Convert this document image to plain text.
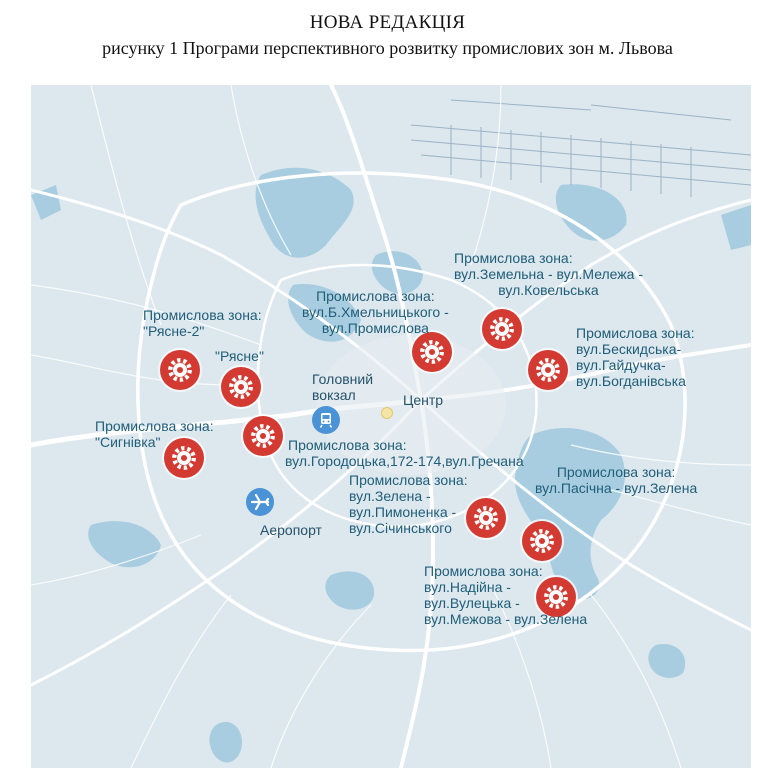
НОВА РЕДАКЦІЯ
рисунку 1 Програми перспективного розвитку промислових зон м. Львова
Промислова зона:
"Рясне-2"
"Рясне"
Промислова зона:
"Сигнівка"
Промислова зона:
вул.Б.Хмельницького -
вул.Промислова
Промислова зона:
вул.Земельна - вул.Мележа -
вул.Ковельська
Промислова зона:
вул.Бескидська-
вул.Гайдучка-
вул.Богданівська
Промислова зона:
вул.Городоцька,172-174,вул.Гречана
Промислова зона:
вул.Пасічна - вул.Зелена
Промислова зона:
вул.Зелена -
вул.Пимоненка -
вул.Січинського
Промислова зона:
вул.Надійна -
вул.Вулецька -
вул.Межова - вул.Зелена
Головний
вокзал	Центр
Аеропорт
